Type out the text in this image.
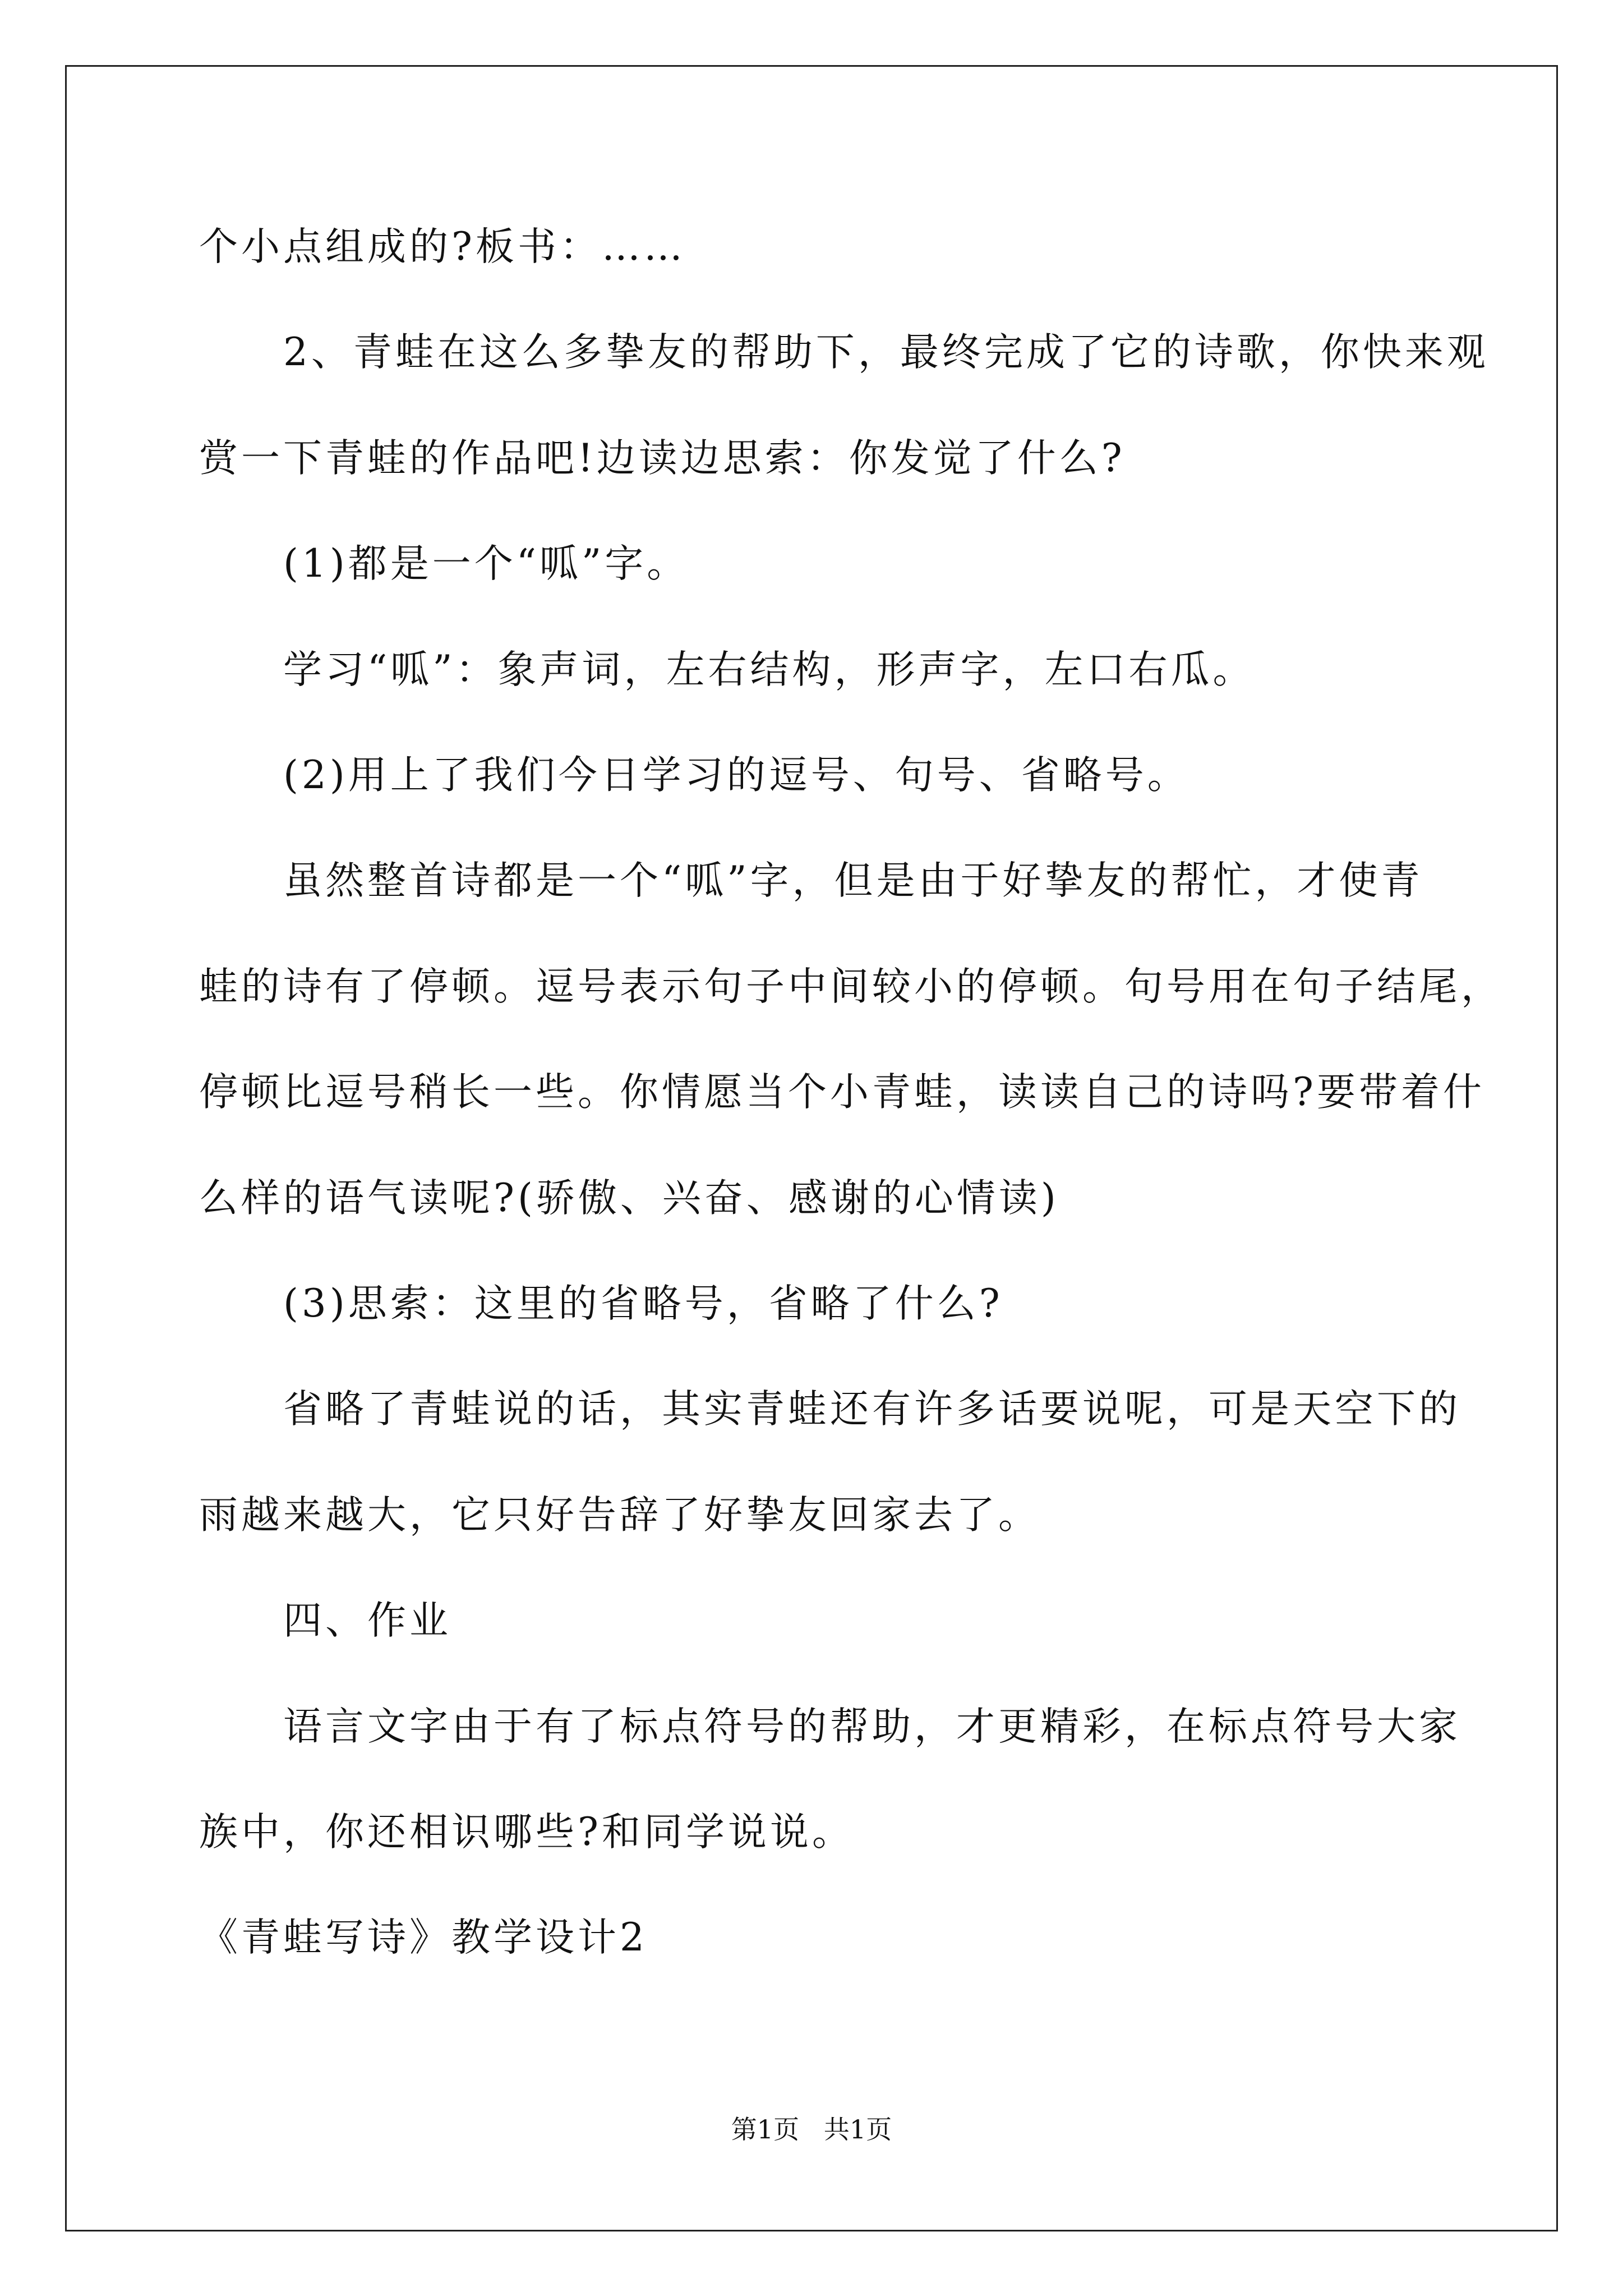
个小点组成的?板书：……
2、青蛙在这么多挚友的帮助下，最终完成了它的诗歌，你快来观
赏一下青蛙的作品吧!边读边思索：你发觉了什么?
(1)都是一个“呱”字。
学习“呱”：象声词，左右结构，形声字，左口右瓜。
(2)用上了我们今日学习的逗号、句号、省略号。
虽然整首诗都是一个“呱”字，但是由于好挚友的帮忙，才使青
蛙的诗有了停顿。逗号表示句子中间较小的停顿。句号用在句子结尾，
停顿比逗号稍长一些。你情愿当个小青蛙，读读自己的诗吗?要带着什
么样的语气读呢?(骄傲、兴奋、感谢的心情读)
(3)思索：这里的省略号，省略了什么?
省略了青蛙说的话，其实青蛙还有许多话要说呢，可是天空下的
雨越来越大，它只好告辞了好挚友回家去了。
四、作业
语言文字由于有了标点符号的帮助，才更精彩，在标点符号大家
族中，你还相识哪些?和同学说说。
《青蛙写诗》教学设计2
第1页   共1页
